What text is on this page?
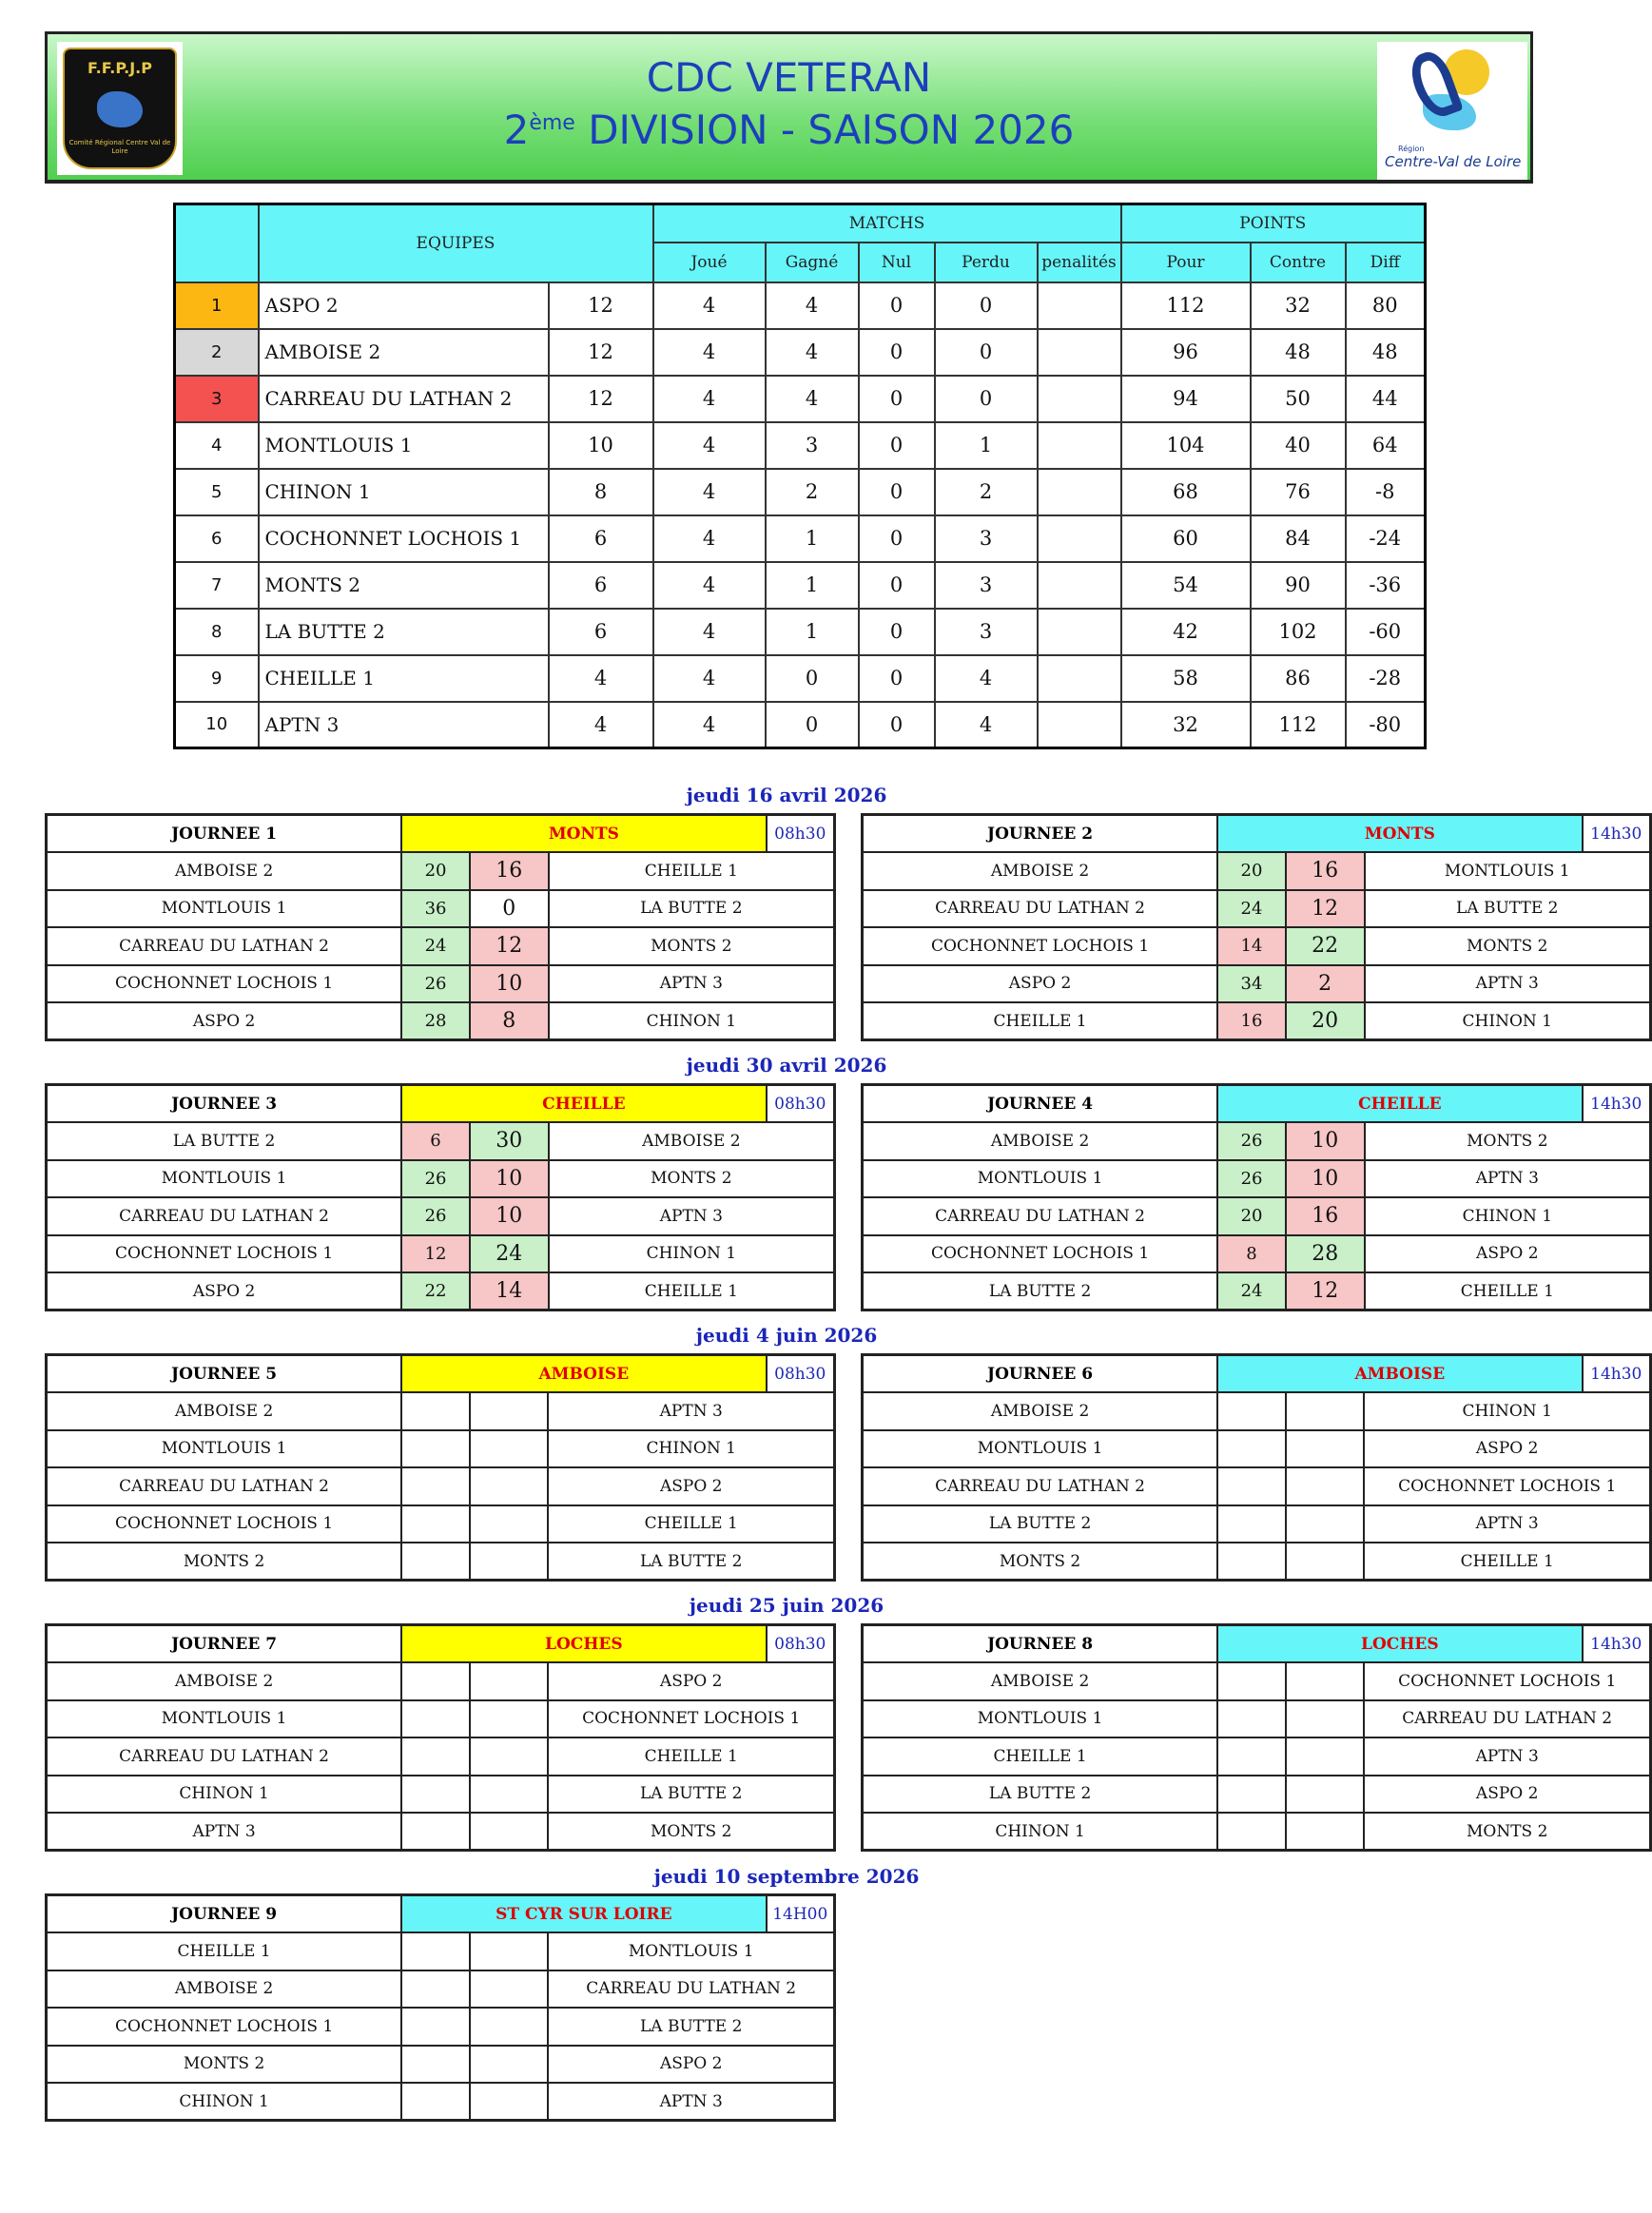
F.F.P.J.P
Comité Régional Centre Val de Loire
CDC VETERAN
2ème DIVISION - SAISON 2026	Région
Centre-Val de Loire
	EQUIPES		MATCHS					POINTS		
			Joué	Gagné	Nul	Perdu	penalités	Pour	Contre	Diff
1	ASPO 2	12	4	4	0	0		112	32	80
2	AMBOISE 2	12	4	4	0	0		96	48	48
3	CARREAU DU LATHAN 2	12	4	4	0	0		94	50	44
4	MONTLOUIS 1	10	4	3	0	1		104	40	64
5	CHINON 1	8	4	2	0	2		68	76	-8
6	COCHONNET LOCHOIS 1	6	4	1	0	3		60	84	-24
7	MONTS 2	6	4	1	0	3		54	90	-36
8	LA BUTTE 2	6	4	1	0	3		42	102	-60
9	CHEILLE 1	4	4	0	0	4		58	86	-28
10	APTN 3	4	4	0	0	4		32	112	-80
jeudi 16 avril 2026
jeudi 30 avril 2026
jeudi 4 juin 2026
jeudi 25 juin 2026
jeudi 10 septembre 2026
JOURNEE 1	MONTS			08h30
AMBOISE 2	20	16	CHEILLE 1	
MONTLOUIS 1	36	0	LA BUTTE 2	
CARREAU DU LATHAN 2	24	12	MONTS 2	
COCHONNET LOCHOIS 1	26	10	APTN 3	
ASPO 2	28	8	CHINON 1	
JOURNEE 2	MONTS			14h30
AMBOISE 2	20	16	MONTLOUIS 1	
CARREAU DU LATHAN 2	24	12	LA BUTTE 2	
COCHONNET LOCHOIS 1	14	22	MONTS 2	
ASPO 2	34	2	APTN 3	
CHEILLE 1	16	20	CHINON 1	
JOURNEE 3	CHEILLE			08h30
LA BUTTE 2	6	30	AMBOISE 2	
MONTLOUIS 1	26	10	MONTS 2	
CARREAU DU LATHAN 2	26	10	APTN 3	
COCHONNET LOCHOIS 1	12	24	CHINON 1	
ASPO 2	22	14	CHEILLE 1	
JOURNEE 4	CHEILLE			14h30
AMBOISE 2	26	10	MONTS 2	
MONTLOUIS 1	26	10	APTN 3	
CARREAU DU LATHAN 2	20	16	CHINON 1	
COCHONNET LOCHOIS 1	8	28	ASPO 2	
LA BUTTE 2	24	12	CHEILLE 1	
JOURNEE 5	AMBOISE			08h30
AMBOISE 2			APTN 3	
MONTLOUIS 1			CHINON 1	
CARREAU DU LATHAN 2			ASPO 2	
COCHONNET LOCHOIS 1			CHEILLE 1	
MONTS 2			LA BUTTE 2	
JOURNEE 6	AMBOISE			14h30
AMBOISE 2			CHINON 1	
MONTLOUIS 1			ASPO 2	
CARREAU DU LATHAN 2			COCHONNET LOCHOIS 1	
LA BUTTE 2			APTN 3	
MONTS 2			CHEILLE 1	
JOURNEE 7	LOCHES			08h30
AMBOISE 2			ASPO 2	
MONTLOUIS 1			COCHONNET LOCHOIS 1	
CARREAU DU LATHAN 2			CHEILLE 1	
CHINON 1			LA BUTTE 2	
APTN 3			MONTS 2	
JOURNEE 8	LOCHES			14h30
AMBOISE 2			COCHONNET LOCHOIS 1	
MONTLOUIS 1			CARREAU DU LATHAN 2	
CHEILLE 1			APTN 3	
LA BUTTE 2			ASPO 2	
CHINON 1			MONTS 2	
JOURNEE 9	ST CYR SUR LOIRE			14H00
CHEILLE 1			MONTLOUIS 1	
AMBOISE 2			CARREAU DU LATHAN 2	
COCHONNET LOCHOIS 1			LA BUTTE 2	
MONTS 2			ASPO 2	
CHINON 1			APTN 3	
